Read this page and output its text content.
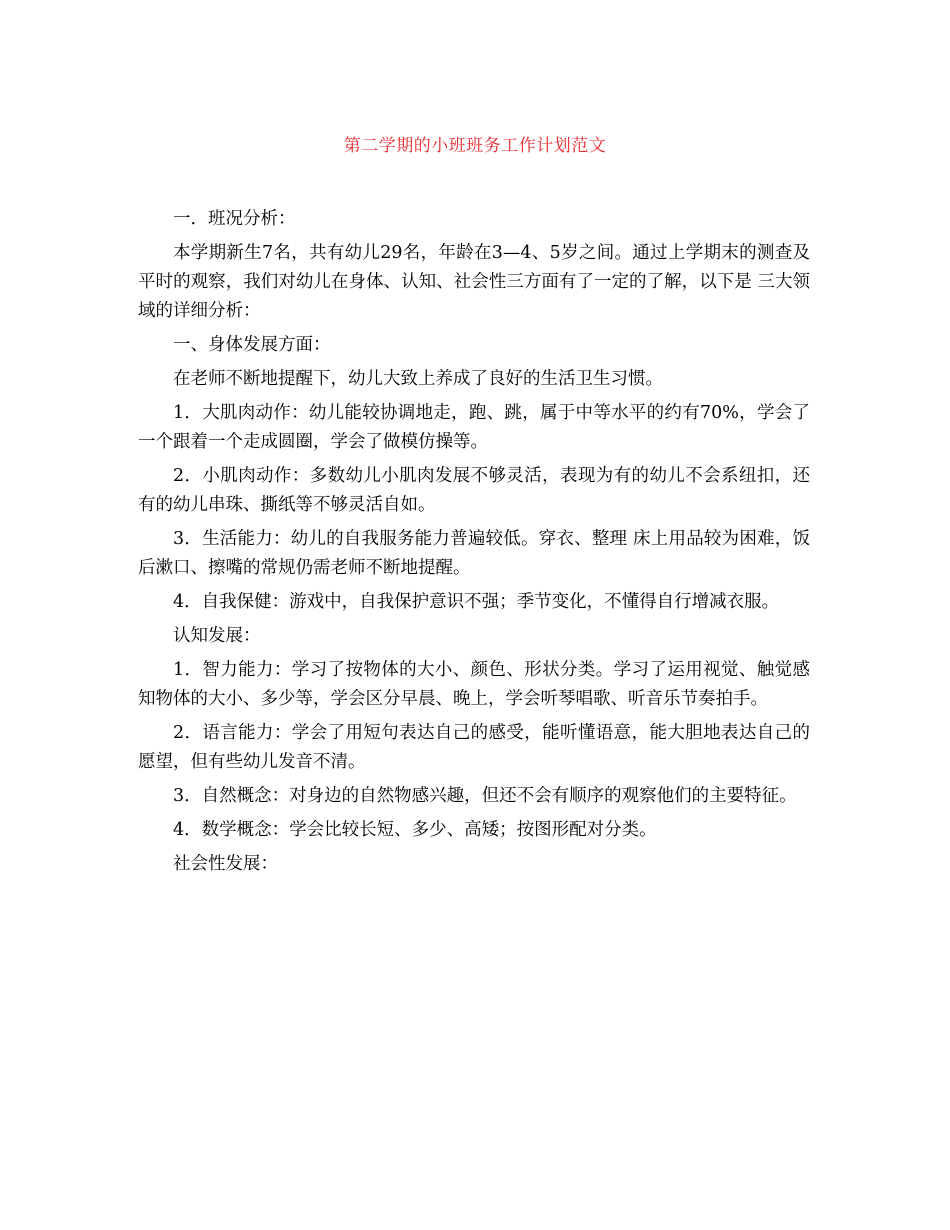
第二学期的小班班务工作计划范文

一．班况分析：

本学期新生7名，共有幼儿29名，年龄在3—4、5岁之间。通过上学期末的测查及平时的观察，我们对幼儿在身体、认知、社会性三方面有了一定的了解，以下是 三大领域的详细分析：

一、身体发展方面：

在老师不断地提醒下，幼儿大致上养成了良好的生活卫生习惯。

1．大肌肉动作：幼儿能较协调地走，跑、跳，属于中等水平的约有70%，学会了一个跟着一个走成圆圈，学会了做模仿操等。

2．小肌肉动作：多数幼儿小肌肉发展不够灵活，表现为有的幼儿不会系纽扣，还有的幼儿串珠、撕纸等不够灵活自如。

3．生活能力：幼儿的自我服务能力普遍较低。穿衣、整理 床上用品较为困难，饭后漱口、擦嘴的常规仍需老师不断地提醒。

4．自我保健：游戏中，自我保护意识不强；季节变化，不懂得自行增减衣服。

认知发展：

1．智力能力：学习了按物体的大小、颜色、形状分类。学习了运用视觉、触觉感知物体的大小、多少等，学会区分早晨、晚上，学会听琴唱歌、听音乐节奏拍手。

2．语言能力：学会了用短句表达自己的感受，能听懂语意，能大胆地表达自己的愿望，但有些幼儿发音不清。

3．自然概念：对身边的自然物感兴趣，但还不会有顺序的观察他们的主要特征。

4．数学概念：学会比较长短、多少、高矮；按图形配对分类。

社会性发展：
